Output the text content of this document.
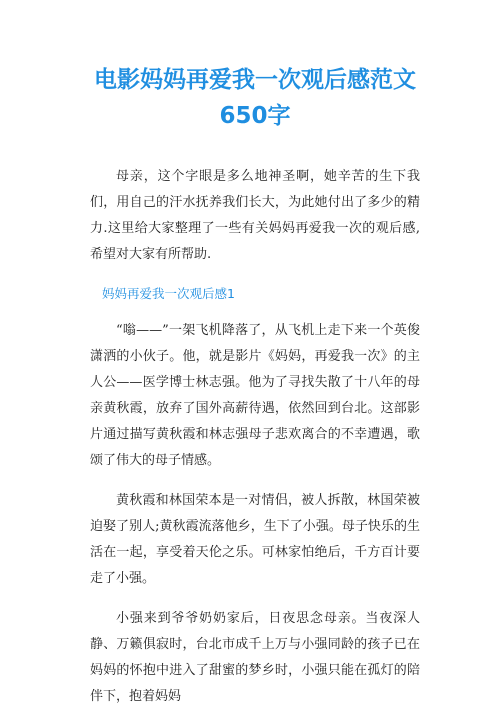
电影妈妈再爱我一次观后感范文650字

母亲，这个字眼是多么地神圣啊，她辛苦的生下我们，用自己的汗水抚养我们长大，为此她付出了多少的精力.这里给大家整理了一些有关妈妈再爱我一次的观后感,希望对大家有所帮助.

妈妈再爱我一次观后感1

“嗡——”一架飞机降落了，从飞机上走下来一个英俊潇洒的小伙子。他，就是影片《妈妈，再爱我一次》的主人公——医学博士林志强。他为了寻找失散了十八年的母亲黄秋霞，放弃了国外高薪待遇，依然回到台北。这部影片通过描写黄秋霞和林志强母子悲欢离合的不幸遭遇，歌颂了伟大的母子情感。

黄秋霞和林国荣本是一对情侣，被人拆散，林国荣被迫娶了别人;黄秋霞流落他乡，生下了小强。母子快乐的生活在一起，享受着天伦之乐。可林家怕绝后，千方百计要走了小强。

小强来到爷爷奶奶家后，日夜思念母亲。当夜深人静、万籁俱寂时，台北市成千上万与小强同龄的孩子已在妈妈的怀抱中进入了甜蜜的梦乡时，小强只能在孤灯的陪伴下，抱着妈妈
